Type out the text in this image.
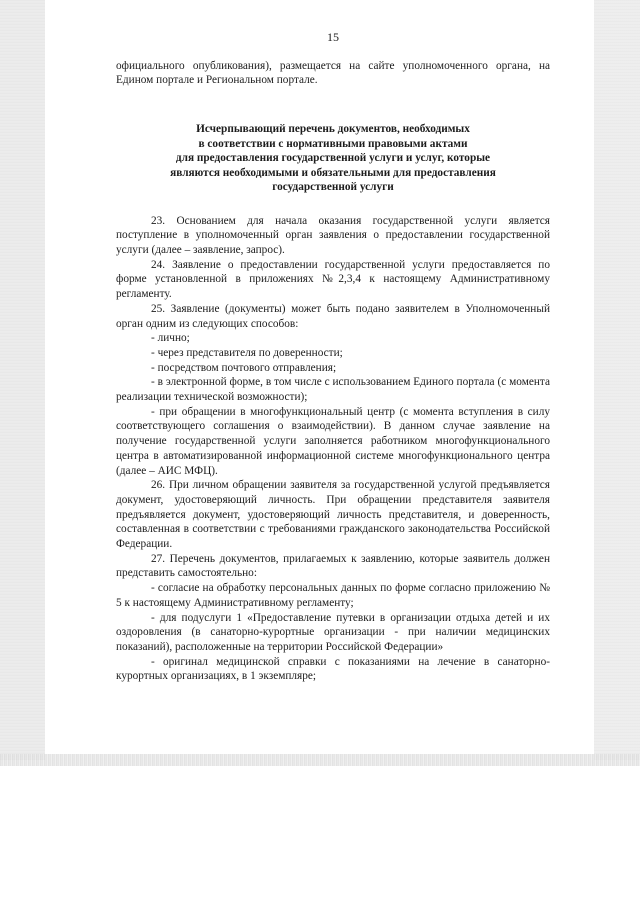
15

официального опубликования), размещается на сайте уполномоченного органа, на Едином портале и Региональном портале.

Исчерпывающий перечень документов, необходимых
в соответствии с нормативными правовыми актами
для предоставления государственной услуги и услуг, которые
являются необходимыми и обязательными для предоставления
государственной услуги

23. Основанием для начала оказания государственной услуги является поступление в уполномоченный орган заявления о предоставлении государственной услуги (далее – заявление, запрос).

24. Заявление о предоставлении государственной услуги предоставляется по форме установленной в приложениях №2,3,4 к настоящему Административному регламенту.

25. Заявление (документы) может быть подано заявителем в Уполномоченный орган одним из следующих способов:

- лично;

- через представителя по доверенности;

- посредством почтового отправления;

- в электронной форме, в том числе с использованием Единого портала (с момента реализации технической возможности);

- при обращении в многофункциональный центр (с момента вступления в силу соответствующего соглашения о взаимодействии). В данном случае заявление на получение государственной услуги заполняется работником многофункционального центра в автоматизированной информационной системе многофункционального центра (далее – АИС МФЦ).

26. При личном обращении заявителя за государственной услугой предъявляется документ, удостоверяющий личность. При обращении представителя заявителя предъявляется документ, удостоверяющий личность представителя, и доверенность, составленная в соответствии с требованиями гражданского законодательства Российской Федерации.

27. Перечень документов, прилагаемых к заявлению, которые заявитель должен представить самостоятельно:

- согласие на обработку персональных данных по форме согласно приложению № 5 к настоящему Административному регламенту;

- для подуслуги 1 «Предоставление путевки в организации отдыха детей и их оздоровления (в санаторно-курортные организации - при наличии медицинских показаний), расположенные на территории Российской Федерации»

- оригинал медицинской справки с показаниями на лечение в санаторно-курортных организациях, в 1 экземпляре;
